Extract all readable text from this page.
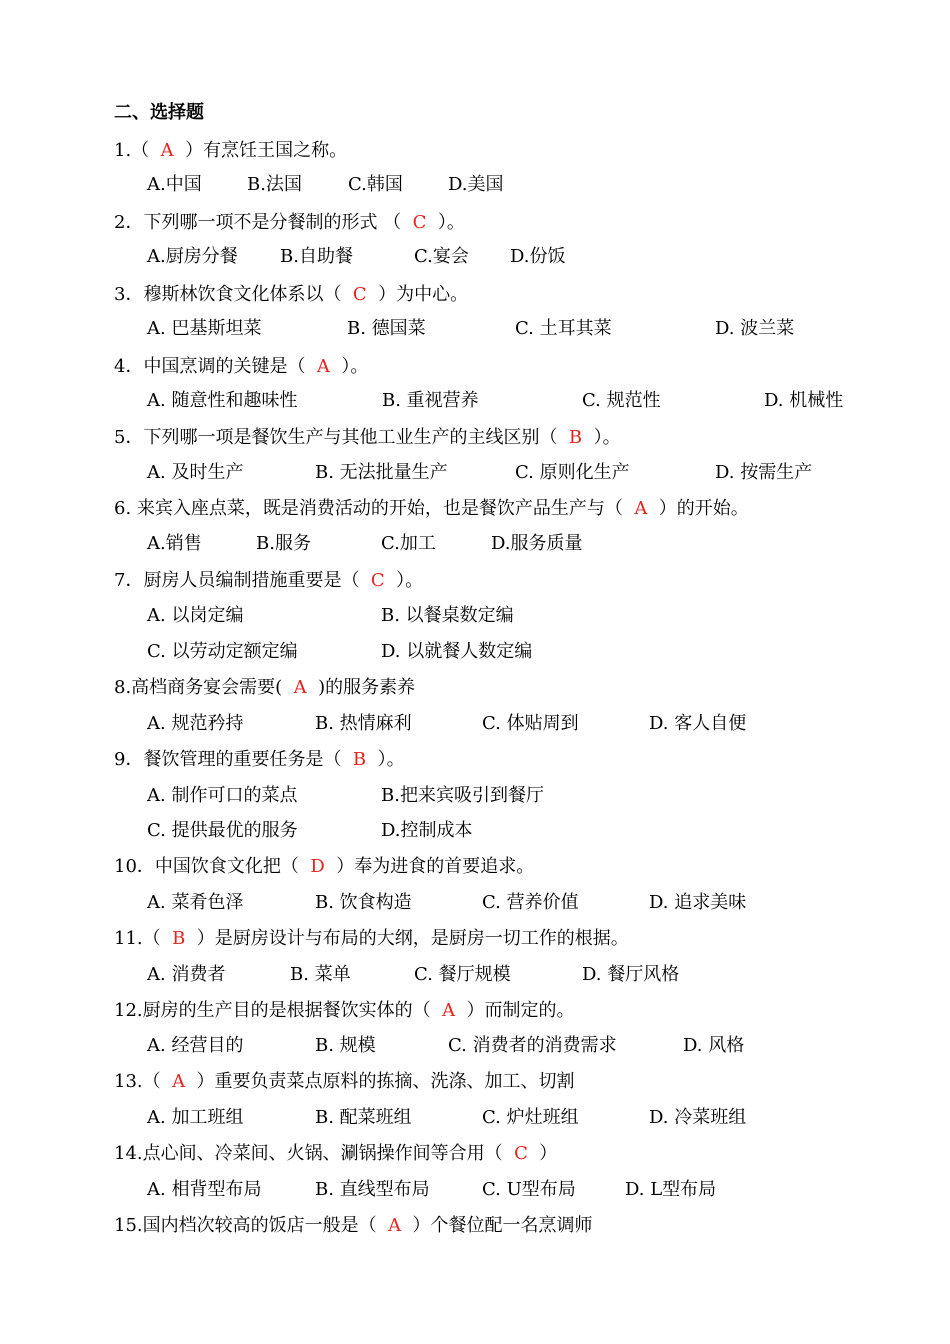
二、选择题
1.（  A  ）有烹饪王国之称。
A.中国	B.法国	C.韩国	D.美国
2．下列哪一项不是分餐制的形式 （  C  ）。
A.厨房分餐 B.自助餐	C.宴会 D.份饭
3．穆斯林饮食文化体系以（  C  ）为中心。
A. 巴基斯坦菜	B. 德国菜	C. 土耳其菜	D. 波兰菜
4．中国烹调的关键是（  A  ）。
A. 随意性和趣味性	B. 重视营养	C. 规范性	D. 机械性
5．下列哪一项是餐饮生产与其他工业生产的主线区别（  B  ）。
A. 及时生产	B. 无法批量生产	C. 原则化生产	D. 按需生产
6. 来宾入座点菜，既是消费活动的开始，也是餐饮产品生产与（  A  ）的开始。
A.销售	B.服务	C.加工	D.服务质量
7．厨房人员编制措施重要是（  C  ）。
A. 以岗定编	B. 以餐桌数定编
C. 以劳动定额定编	D. 以就餐人数定编
8.高档商务宴会需要(  A  )的服务素养
A. 规范矜持	B. 热情麻利	C. 体贴周到	D. 客人自便
9．餐饮管理的重要任务是（  B  ）。
A. 制作可口的菜点	B.把来宾吸引到餐厅
C. 提供最优的服务	D.控制成本
10．中国饮食文化把（  D  ）奉为进食的首要追求。
A. 菜肴色泽	B. 饮食构造	C. 营养价值	D. 追求美味
11.（  B  ）是厨房设计与布局的大纲，是厨房一切工作的根据。
A. 消费者	B. 菜单	C. 餐厅规模	D. 餐厅风格
12.厨房的生产目的是根据餐饮实体的（  A  ）而制定的。
A. 经营目的	B. 规模	C. 消费者的消费需求	D. 风格
13.（  A  ）重要负责菜点原料的拣摘、洗涤、加工、切割
A. 加工班组	B. 配菜班组	C. 炉灶班组	D. 冷菜班组
14.点心间、冷菜间、火锅、涮锅操作间等合用（  C  ）
A. 相背型布局	B. 直线型布局	C. U型布局	D. L型布局
15.国内档次较高的饭店一般是（  A  ）个餐位配一名烹调师
